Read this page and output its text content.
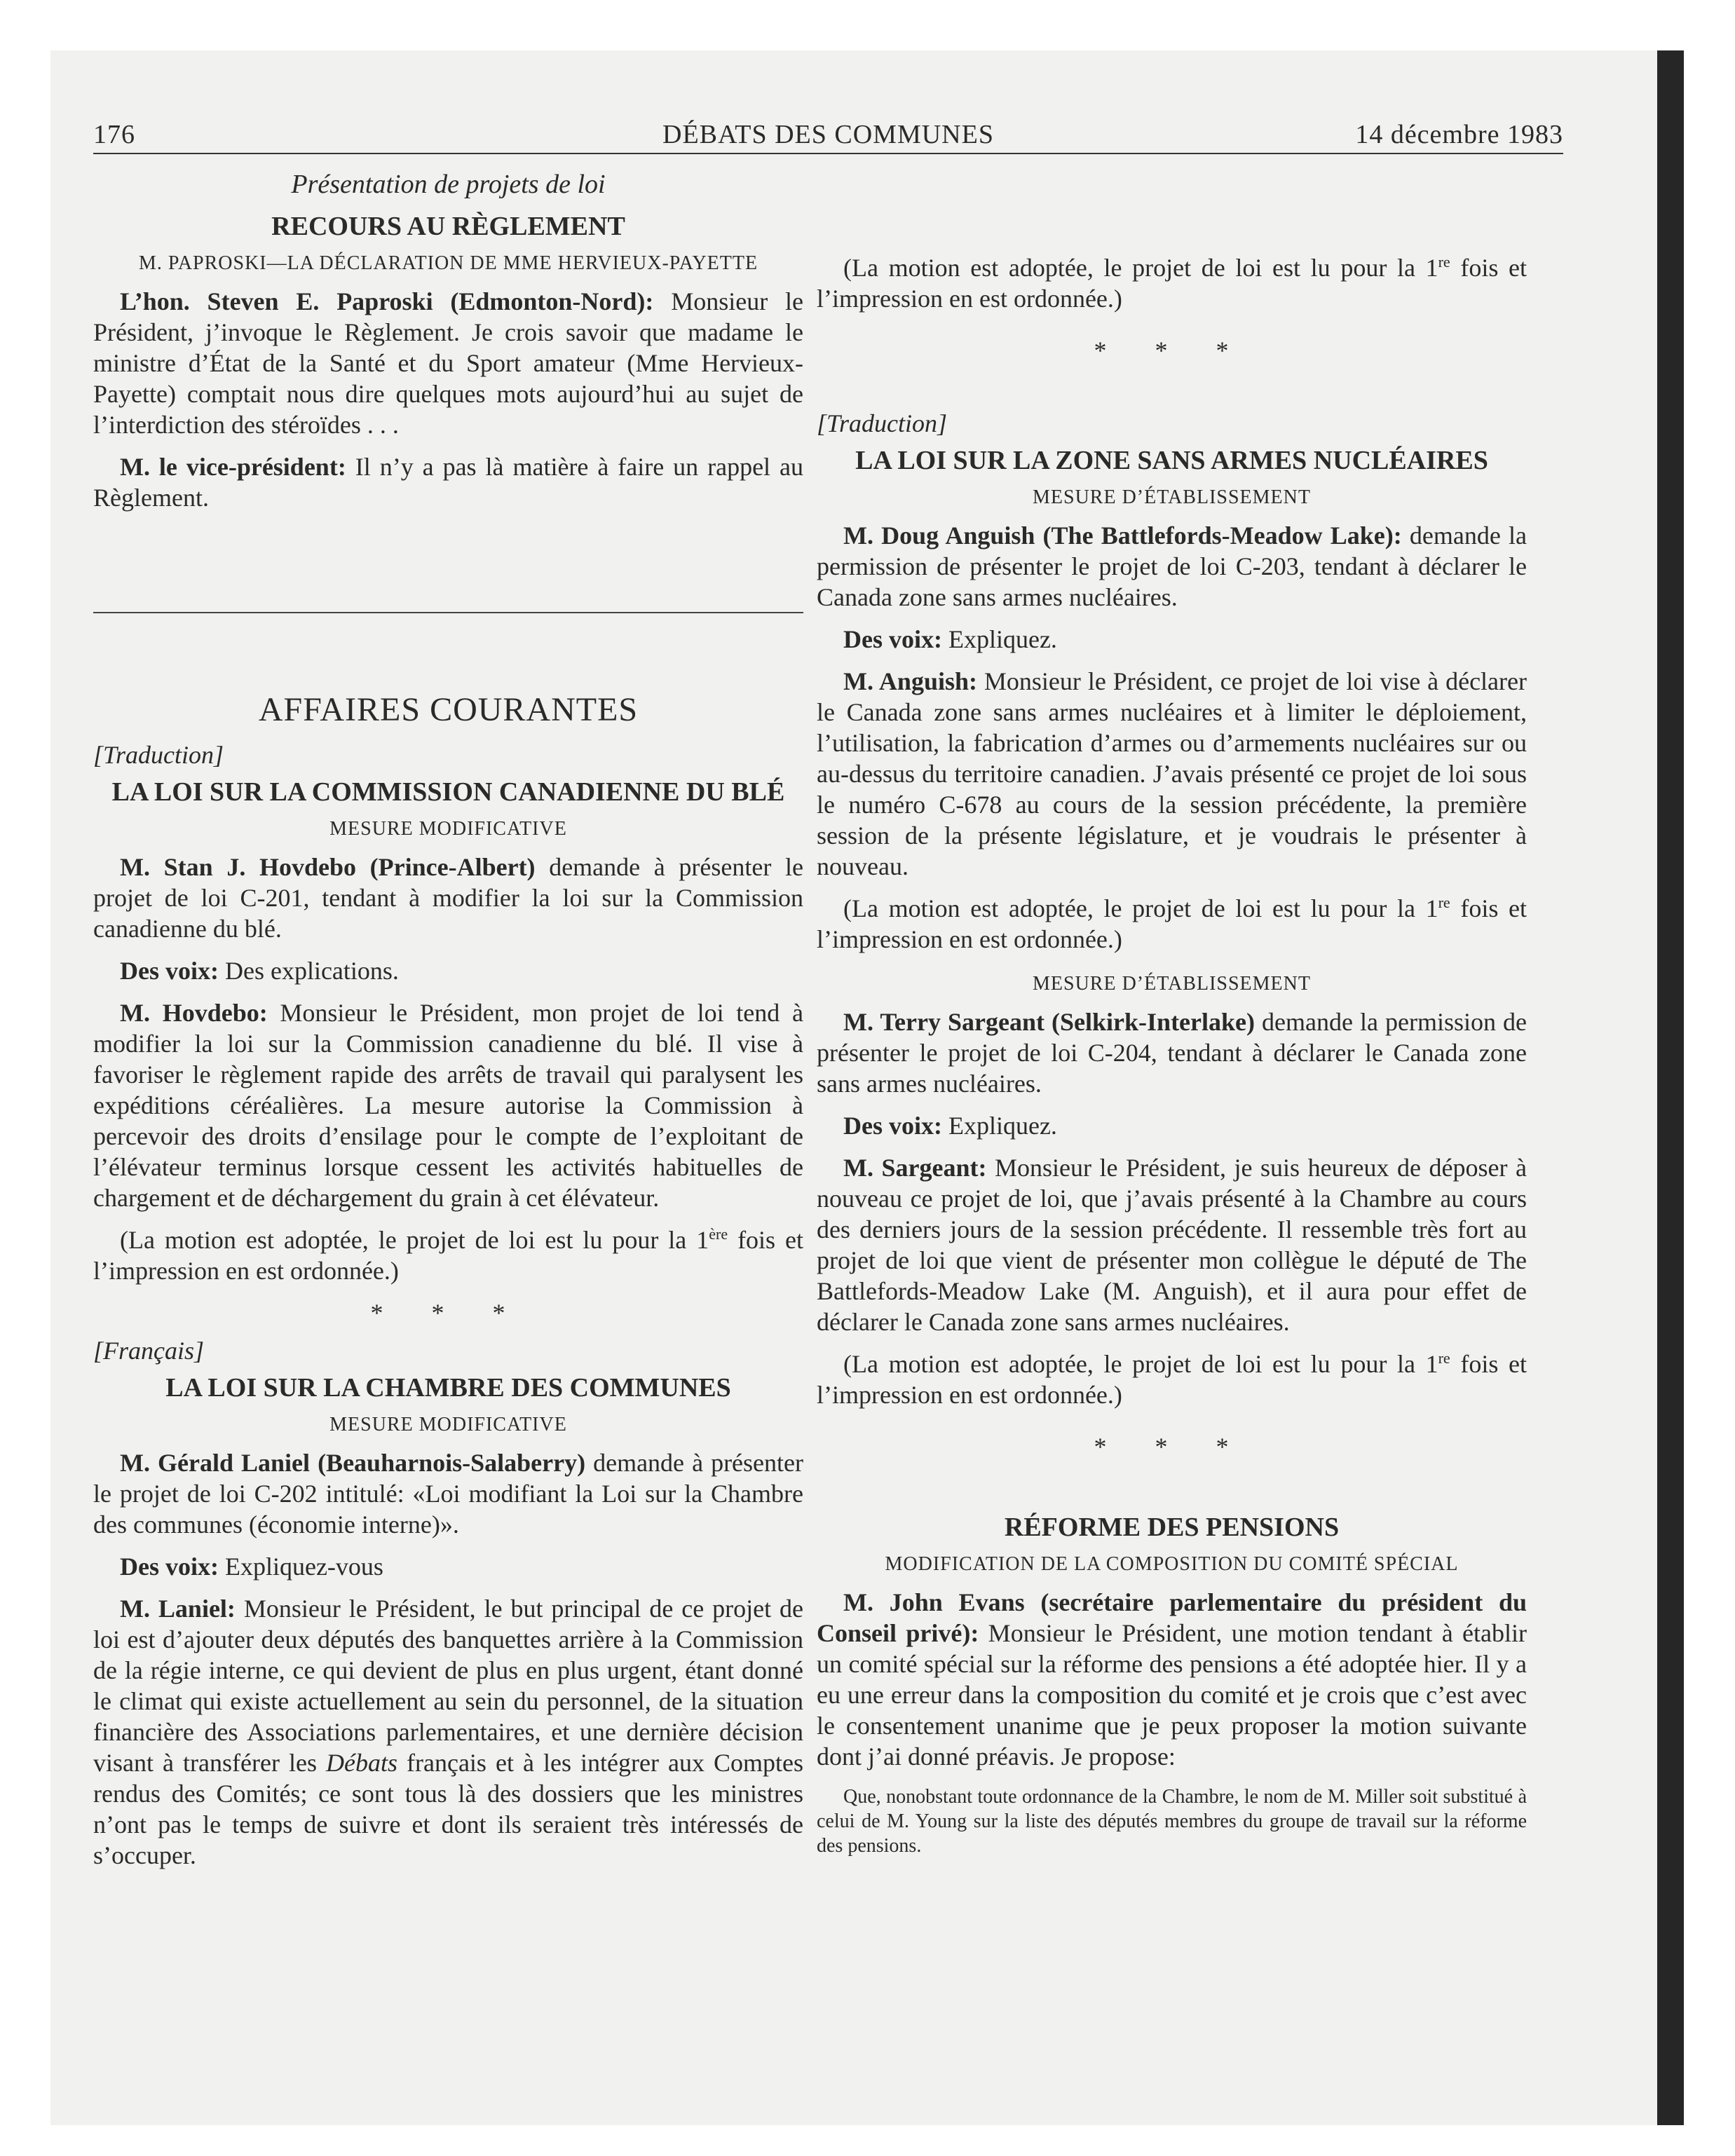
DÉBATS DES COMMUNES
176	14 décembre 1983
Présentation de projets de loi
RECOURS AU RÈGLEMENT
M. PAPROSKI—LA DÉCLARATION DE MME HERVIEUX-PAYETTE

L’hon. Steven E. Paproski (Edmonton-Nord): Monsieur le Président, j’invoque le Règlement. Je crois savoir que madame le ministre d’État de la Santé et du Sport amateur (Mme Hervieux-Payette) comptait nous dire quelques mots aujourd’hui au sujet de l’interdiction des stéroïdes . . .

M. le vice-président: Il n’y a pas là matière à faire un rappel au Règlement.

AFFAIRES COURANTES
[Traduction]
LA LOI SUR LA COMMISSION CANADIENNE DU BLÉ
MESURE MODIFICATIVE

M. Stan J. Hovdebo (Prince-Albert) demande à présenter le projet de loi C-201, tendant à modifier la loi sur la Commission canadienne du blé.

Des voix: Des explications.

M. Hovdebo: Monsieur le Président, mon projet de loi tend à modifier la loi sur la Commission canadienne du blé. Il vise à favoriser le règlement rapide des arrêts de travail qui paralysent les expéditions céréalières. La mesure autorise la Commission à percevoir des droits d’ensilage pour le compte de l’exploitant de l’élévateur terminus lorsque cessent les activités habituelles de chargement et de déchargement du grain à cet élévateur.

(La motion est adoptée, le projet de loi est lu pour la 1ère fois et l’impression en est ordonnée.)

* * *
[Français]
LA LOI SUR LA CHAMBRE DES COMMUNES
MESURE MODIFICATIVE

M. Gérald Laniel (Beauharnois-Salaberry) demande à présenter le projet de loi C-202 intitulé: «Loi modifiant la Loi sur la Chambre des communes (économie interne)».

Des voix: Expliquez-vous

M. Laniel: Monsieur le Président, le but principal de ce projet de loi est d’ajouter deux députés des banquettes arrière à la Commission de la régie interne, ce qui devient de plus en plus urgent, étant donné le climat qui existe actuellement au sein du personnel, de la situation financière des Associations parlementaires, et une dernière décision visant à transférer les Débats français et à les intégrer aux Comptes rendus des Comités; ce sont tous là des dossiers que les ministres n’ont pas le temps de suivre et dont ils seraient très intéressés de s’occuper.

(La motion est adoptée, le projet de loi est lu pour la 1re fois et l’impression en est ordonnée.)

* * *
[Traduction]
LA LOI SUR LA ZONE SANS ARMES NUCLÉAIRES
MESURE D’ÉTABLISSEMENT

M. Doug Anguish (The Battlefords-Meadow Lake): demande la permission de présenter le projet de loi C-203, tendant à déclarer le Canada zone sans armes nucléaires.

Des voix: Expliquez.

M. Anguish: Monsieur le Président, ce projet de loi vise à déclarer le Canada zone sans armes nucléaires et à limiter le déploiement, l’utilisation, la fabrication d’armes ou d’armements nucléaires sur ou au-dessus du territoire canadien. J’avais présenté ce projet de loi sous le numéro C-678 au cours de la session précédente, la première session de la présente législature, et je voudrais le présenter à nouveau.

(La motion est adoptée, le projet de loi est lu pour la 1re fois et l’impression en est ordonnée.)

MESURE D’ÉTABLISSEMENT

M. Terry Sargeant (Selkirk-Interlake) demande la permission de présenter le projet de loi C-204, tendant à déclarer le Canada zone sans armes nucléaires.

Des voix: Expliquez.

M. Sargeant: Monsieur le Président, je suis heureux de déposer à nouveau ce projet de loi, que j’avais présenté à la Chambre au cours des derniers jours de la session précédente. Il ressemble très fort au projet de loi que vient de présenter mon collègue le député de The Battlefords-Meadow Lake (M. Anguish), et il aura pour effet de déclarer le Canada zone sans armes nucléaires.

(La motion est adoptée, le projet de loi est lu pour la 1re fois et l’impression en est ordonnée.)

* * *
RÉFORME DES PENSIONS
MODIFICATION DE LA COMPOSITION DU COMITÉ SPÉCIAL

M. John Evans (secrétaire parlementaire du président du Conseil privé): Monsieur le Président, une motion tendant à établir un comité spécial sur la réforme des pensions a été adoptée hier. Il y a eu une erreur dans la composition du comité et je crois que c’est avec le consentement unanime que je peux proposer la motion suivante dont j’ai donné préavis. Je propose:

Que, nonobstant toute ordonnance de la Chambre, le nom de M. Miller soit substitué à celui de M. Young sur la liste des députés membres du groupe de travail sur la réforme des pensions.
